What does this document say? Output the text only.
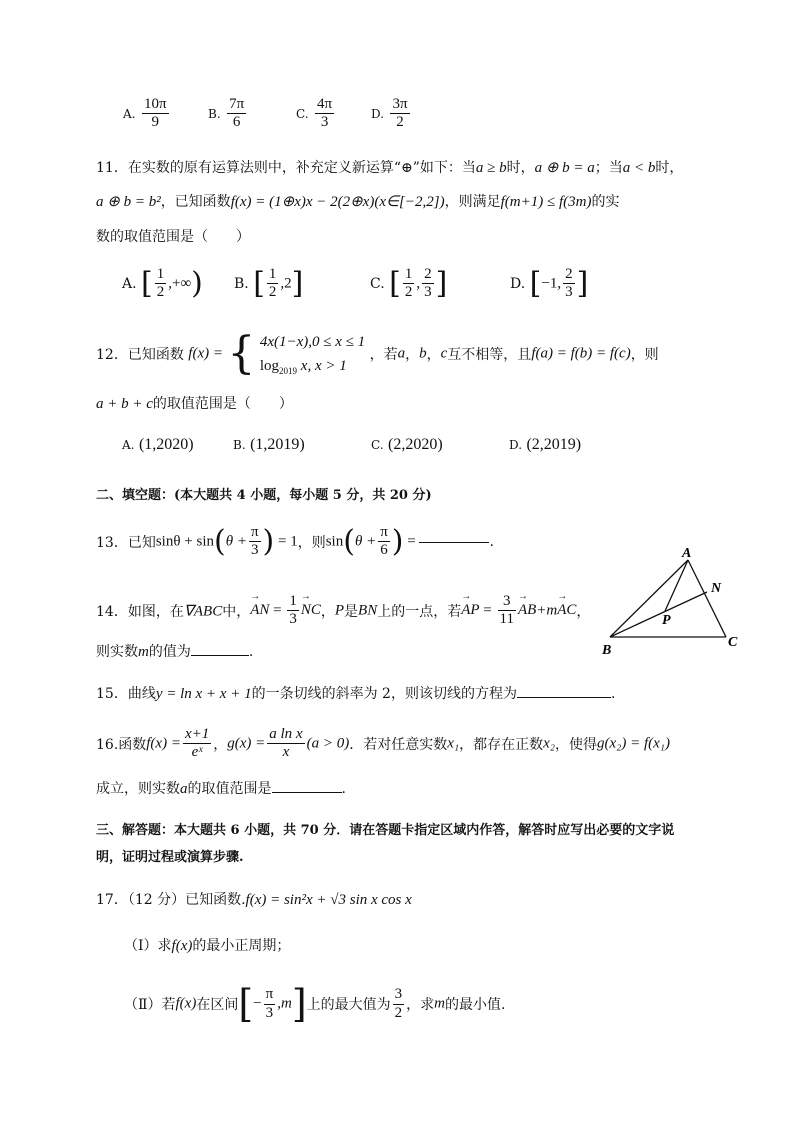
A. $\frac{10\pi}{9}$	B. $\frac{7\pi}{6}$	C. $\frac{4\pi}{3}$	D. $\frac{3\pi}{2}$
11．在实数的原有运算法则中，补充定义新运算“⊕”如下：当a ≥ b时，a ⊕ b = a；当a < b时，
a ⊕ b = b²，已知函数f(x) = (1⊕x)x − 2(2⊕x)(x∈[−2,2])，则满足f(m+1) ≤ f(3m)的实
数的取值范围是（　　）
A. [ $\frac{1}{2}$ ,+∞) B. [ $\frac{1}{2} ,2$]	C. [ $\frac{1}{2}$ , $\frac{2}{3}$ ]	D. [−1, $\frac{2}{3}$ ]
12．已知函数 f(x) = { 4x(1−x),0 ≤ x ≤ 1
$\log_{2019} x$, x > 1
，若a，b，c互不相等，且f(a) = f(b) = f(c)，则
a + b + c的取值范围是（　　）
A. (1,2020)	B. (1,2019)	C. (2,2020)	D. (2,2019)
二、填空题：(本大题共 4 小题，每小题 5 分，共 20 分)
13．已知$\sin\theta + \sin(\theta + \frac{\pi}{3}$ ) = 1，则$\sin(\theta + \frac{\pi}{6}$ ) =	.
14．如图，在∇ABC中，→ AN = $\frac{1}{3}$
→ NC，P是BN上的一点，若→ AP = $\frac{3}{11}$
→ AB+m→ AC，
则实数m的值为	.
A
N
P
B
C
15．曲线y = ln x + x + 1的一条切线的斜率为 2，则该切线的方程为	.
16.函数$f(x) = \frac{x+1}{\text{eˣ}}$ ，$g(x) = \frac{\text{a ln x}}{x} (a > 0)$．若对任意实数x₁，都存在正数x₂，使得g(x₂) = f(x₁)
成立，则实数a的取值范围是	.
三、解答题：本大题共 6 小题，共 70 分．请在答题卡指定区域内作答，解答时应写出必要的文字说
明，证明过程或演算步骤.
17．（12 分）已知函数.f(x) = sin²x + √3 sin x cos x
（Ⅰ）求f(x)的最小正周期；
（Ⅱ）若f(x)在区间[− $\frac{\pi}{3} ,m$]上的最大值为 $\frac{3}{2}$ ，求m的最小值.
